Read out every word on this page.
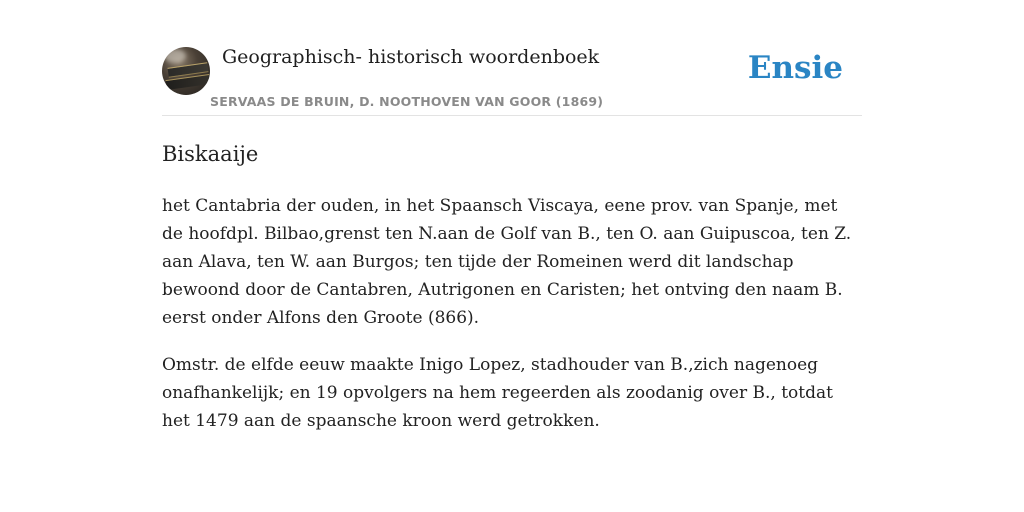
Geographisch- historisch woordenboek
SERVAAS DE BRUIN, D. NOOTHOVEN VAN GOOR (1869)
Ensie
Biskaaije

het Cantabria der ouden, in het Spaansch Viscaya, eene prov. van Spanje, met de hoofdpl. Bilbao,grenst ten N.aan de Golf van B., ten O. aan Guipuscoa, ten Z. aan Alava, ten W. aan Burgos; ten tijde der Romeinen werd dit landschap bewoond door de Cantabren, Autrigonen en Caristen; het ontving den naam B. eerst onder Alfons den Groote (866).

Omstr. de elfde eeuw maakte Inigo Lopez, stadhouder van B.,zich nagenoeg onafhankelijk; en 19 opvolgers na hem regeerden als zoodanig over B., totdat het 1479 aan de spaansche kroon werd getrokken.
